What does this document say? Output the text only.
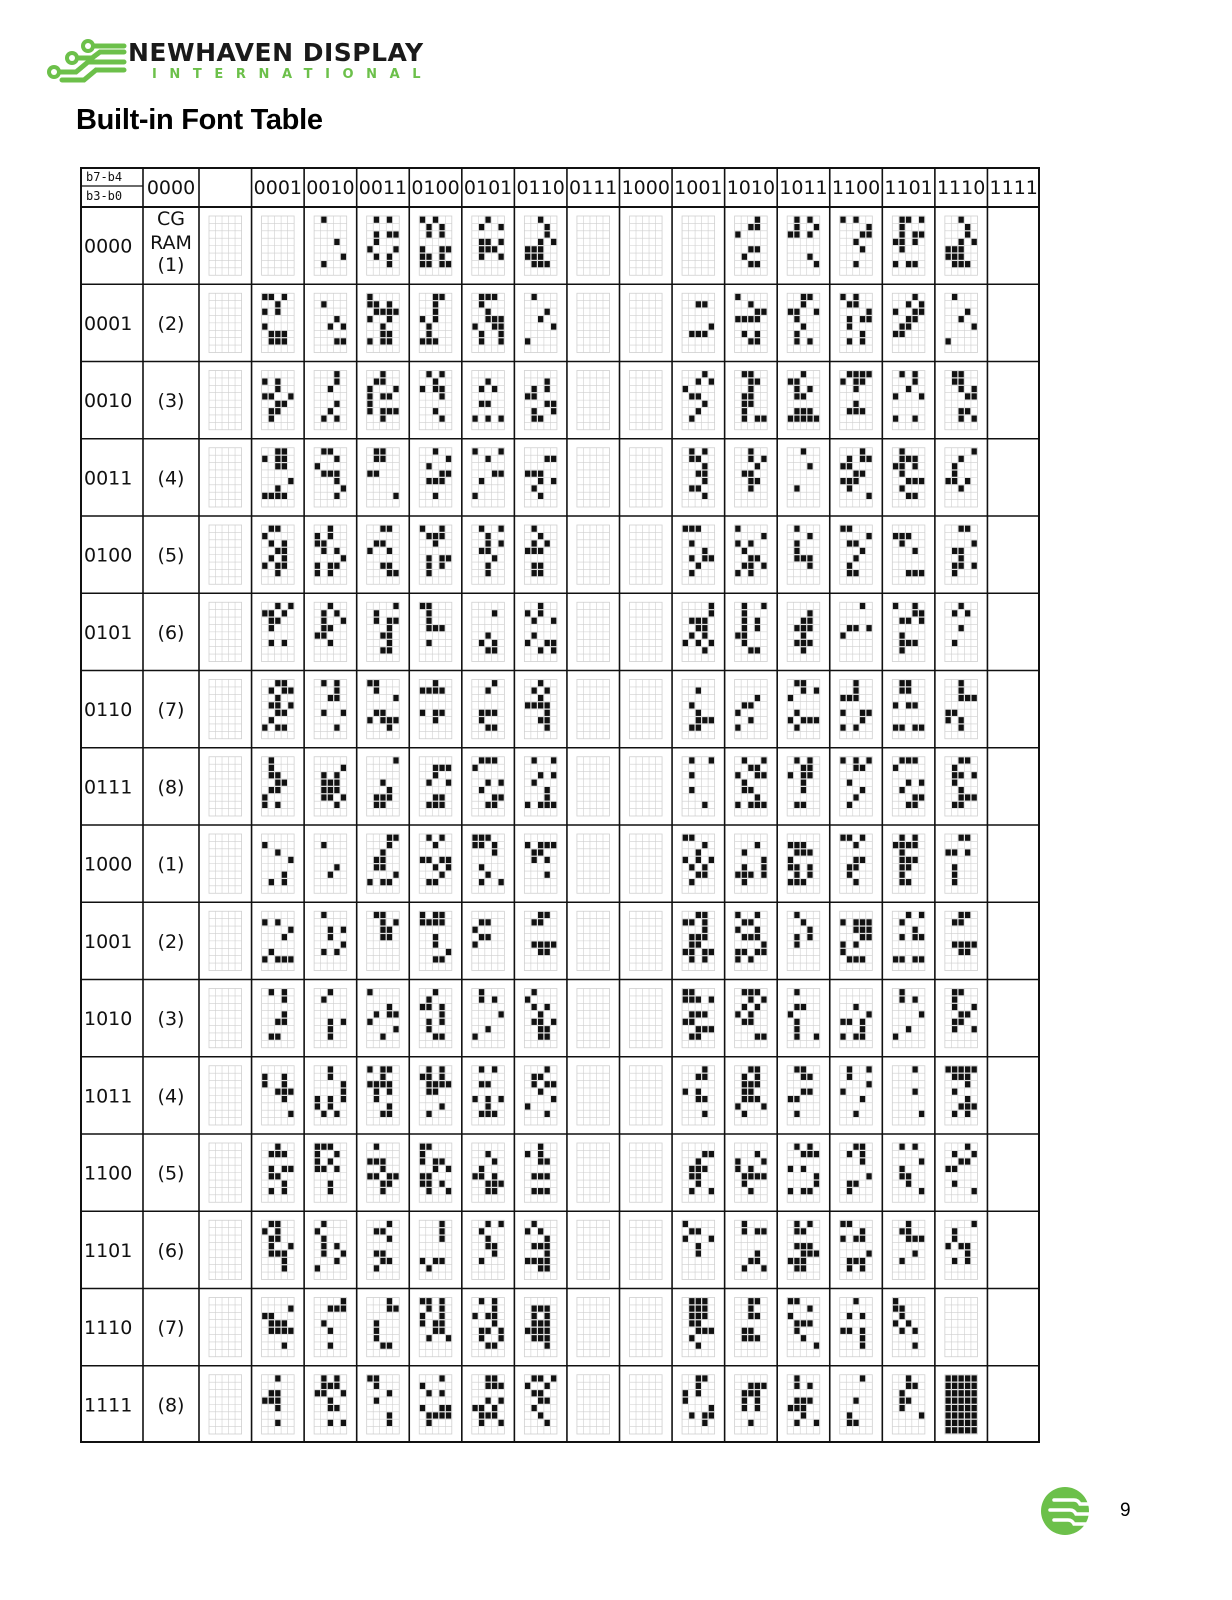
NEWHAVEN DISPLAY
INTERNATIONAL
Built-in Font Table
b7-b4
b3-b0
CG
RAM
(1)
0000	0001 0010 0011 0100 0101 0110 0111 1000 1001 1010 1011 1100 1101 1110 1111
0000
0001 (2)
0010 (3)
0011 (4)
0100 (5)
0101 (6)
0110 (7)
0111 (8)
1000 (1)
1001 (2)
1010 (3)
1011 (4)
1100 (5)
1101 (6)
1110 (7)
1111 (8)
9
